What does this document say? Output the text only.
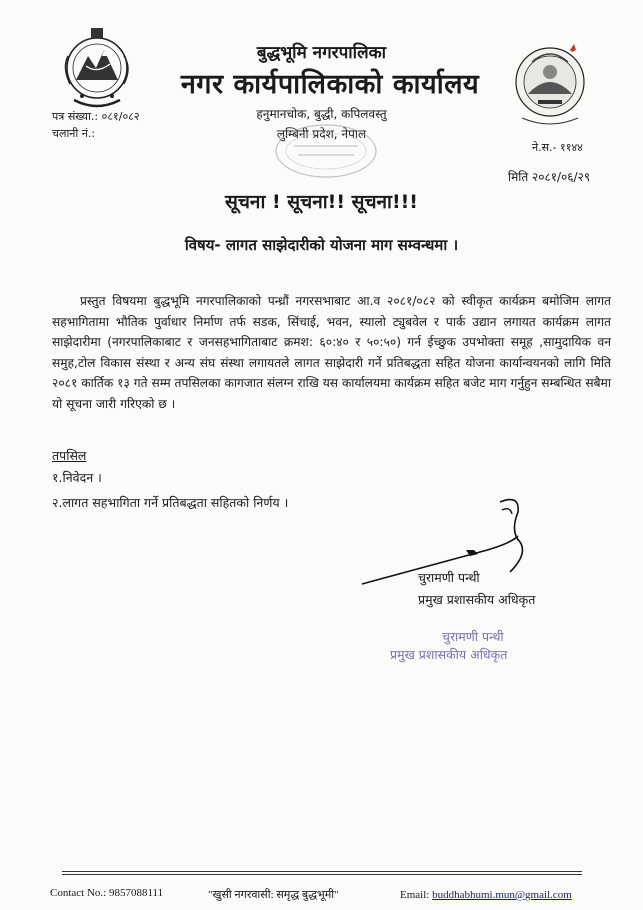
बुद्धभूमि नगरपालिका
नगर कार्यपालिकाको कार्यालय
हनुमानचोक, बुद्धी, कपिलवस्तु
लुम्बिनी प्रदेश, नेपाल
पत्र संख्या.: ०८१/०८२
चलानी नं.:
ने.स.- ११४४
मिति २०८१/०६/२९
सूचना ! सूचना!! सूचना!!!
विषय- लागत साझेदारीको योजना माग सम्वन्धमा ।
प्रस्तुत विषयमा बुद्धभूमि नगरपालिकाको पन्ध्रौं नगरसभाबाट आ.व २०८१/०८२ को स्वीकृत कार्यक्रम बमोजिम लागत सहभागितामा भौतिक पुर्वाधार निर्माण तर्फ सडक, सिंचाई, भवन, स्यालो ट्युबवेल र पार्क उद्यान लगायत कार्यक्रम लागत साझेदारीमा (नगरपालिकाबाट र जनसहभागिताबाट क्रमश: ६०:४० र ५०:५०) गर्न ईच्छुक उपभोक्ता समूह ,सामुदायिक वन समुह,टोल विकास संस्था र अन्य संघ संस्था लगायतले लागत साझेदारी गर्ने प्रतिबद्धता सहित योजना कार्यान्वयनको लागि मिति २०८१ कार्तिक १३ गते सम्म तपसिलका कागजात संलग्न राखि यस कार्यालयमा कार्यक्रम सहित बजेट माग गर्नुहुन सम्बन्धित सबैमा यो सूचना जारी गरिएको छ ।
तपसिल
१.निवेदन ।
२.लागत सहभागिता गर्ने प्रतिबद्धता सहितको निर्णय ।
चुरामणी पन्थी
प्रमुख प्रशासकीय अधिकृत
चुरामणी पन्थी
प्रमुख प्रशासकीय अधिकृत
Contact No.: 9857088111	"खुसी नगरवासी: समृद्ध बुद्धभूमी"	Email: buddhabhumi.mun@gmail.com
